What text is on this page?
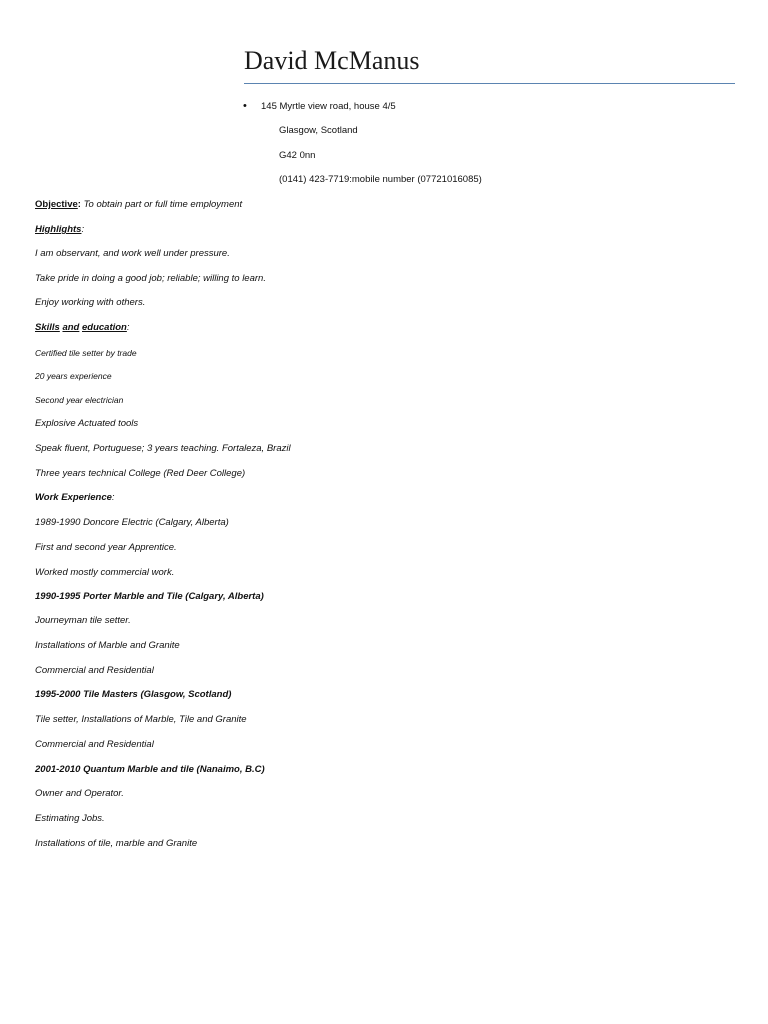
David McManus
• 145 Myrtle view road, house 4/5
Glasgow, Scotland
G42 0nn
(0141) 423-7719:mobile number (07721016085)
Objective: To obtain part or full time employment
Highlights:
I am observant, and work well under pressure.
Take pride in doing a good job; reliable; willing to learn.
Enjoy working with others.
Skills and education:
Certified tile setter by trade
20 years experience
Second year electrician
Explosive Actuated tools
Speak fluent, Portuguese; 3 years teaching. Fortaleza, Brazil
Three years technical College (Red Deer College)
Work Experience:
1989-1990 Doncore Electric (Calgary, Alberta)
First and second year Apprentice.
Worked mostly commercial work.
1990-1995 Porter Marble and Tile (Calgary, Alberta)
Journeyman tile setter.
Installations of Marble and Granite
Commercial and Residential
1995-2000 Tile Masters (Glasgow, Scotland)
Tile setter, Installations of Marble, Tile and Granite
Commercial and Residential
2001-2010 Quantum Marble and tile (Nanaimo, B.C)
Owner and Operator.
Estimating Jobs.
Installations of tile, marble and Granite
